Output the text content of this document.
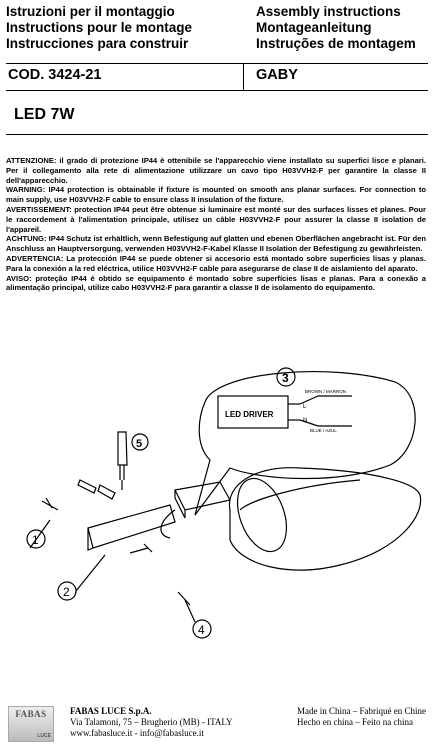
Istruzioni per il montaggio
Instructions pour le montage
Instrucciones para construir
Assembly instructions
Montageanleitung
Instruções de montagem
COD. 3424-21	GABY
LED 7W

ATTENZIONE: il grado di protezione IP44 è ottenibile se l'apparecchio viene installato su superfici lisce e planari. Per il collegamento alla rete di alimentazione utilizzare un cavo tipo H03VVH2-F per garantire la classe II dell'apparecchio.

WARNING: IP44 protection is obtainable if fixture is mounted on smooth ans planar surfaces. For connection to main supply, use H03VVH2-F cable to ensure class II insulation of the fixture.

AVERTISSEMENT: protection IP44 peut être obtenue si luminaire est monté sur des surfaces lisses et planes. Pour le raccordement à l'alimentation principale, utilisez un câble H03VVH2-F pour assurer la classe II isolation de l'appareil.

ACHTUNG: IP44 Schutz ist erhältlich, wenn Befestigung auf glatten und ebenen Oberflächen angebracht ist. Für den Anschluss an Hauptversorgung, verwenden H03VVH2-F-Kabel Klasse II Isolation der Befestigung zu gewährleisten.

ADVERTENCIA: La protección IP44 se puede obtener si accesorio está montado sobre superficies lisas y planas. Para la conexión a la red eléctrica, utilice H03VVH2-F cable para asegurarse de clase II de aislamiento del aparato.

AVISO: proteção IP44 é obtido se equipamento é montado sobre superfícies lisas e planas. Para a conexão a alimentação principal, utilize cabo H03VVH2-F para garantir a classe II de isolamento do equipamento.

LED DRIVER
BROWN / MARRON
BLUE / AZUL
L
N
3
5
1
2
4
FABAS
LUCE
FABAS LUCE S.p.A.
Via Talamoni, 75 – Brugherio (MB) - ITALY
www.fabasluce.it - info@fabasluce.it
Made in China – Fabriqué en Chine
Hecho en china – Feito na china
